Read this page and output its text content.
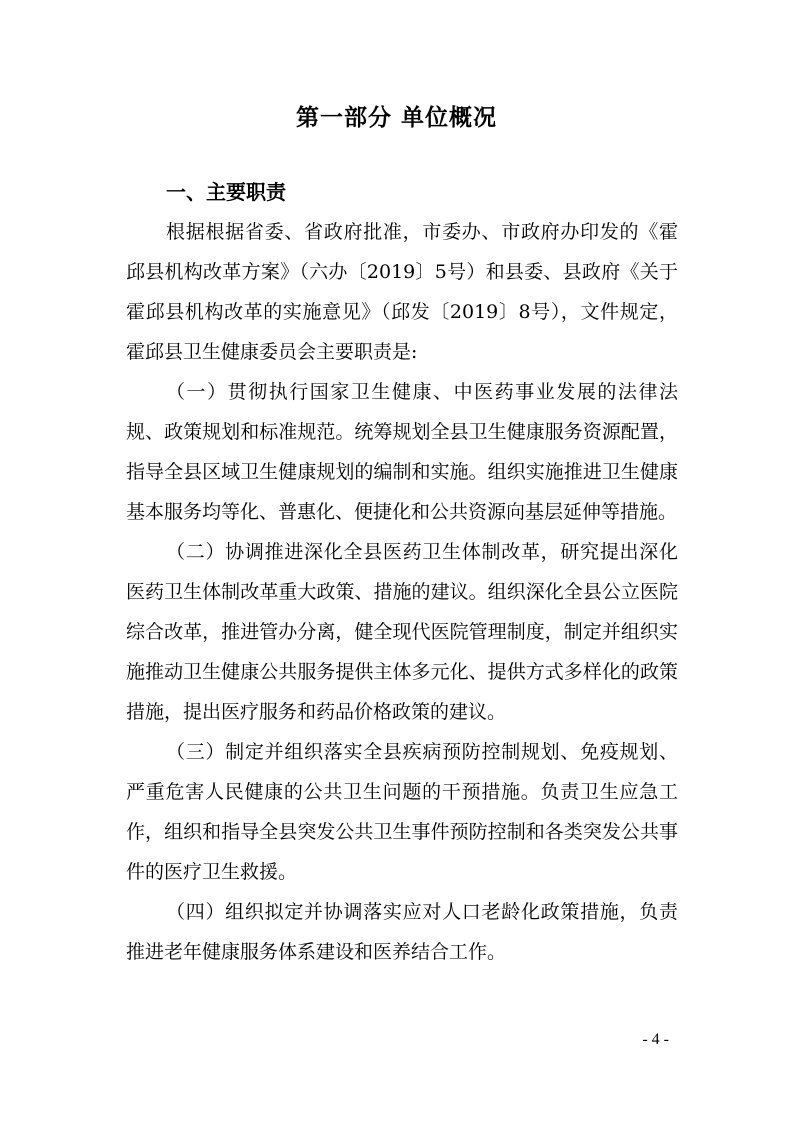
第一部分 单位概况

一、主要职责

根据根据省委、省政府批准，市委办、市政府办印发的《霍邱县机构改革方案》（六办〔2019〕5号）和县委、县政府《关于霍邱县机构改革的实施意见》（邱发〔2019〕8号），文件规定，霍邱县卫生健康委员会主要职责是:

（一）贯彻执行国家卫生健康、中医药事业发展的法律法规、政策规划和标准规范。统筹规划全县卫生健康服务资源配置，指导全县区域卫生健康规划的编制和实施。组织实施推进卫生健康基本服务均等化、普惠化、便捷化和公共资源向基层延伸等措施。

（二）协调推进深化全县医药卫生体制改革，研究提出深化医药卫生体制改革重大政策、措施的建议。组织深化全县公立医院综合改革，推进管办分离，健全现代医院管理制度，制定并组织实施推动卫生健康公共服务提供主体多元化、提供方式多样化的政策措施，提出医疗服务和药品价格政策的建议。

（三）制定并组织落实全县疾病预防控制规划、免疫规划、严重危害人民健康的公共卫生问题的干预措施。负责卫生应急工作，组织和指导全县突发公共卫生事件预防控制和各类突发公共事件的医疗卫生救援。

（四）组织拟定并协调落实应对人口老龄化政策措施，负责推进老年健康服务体系建设和医养结合工作。

- 4 -
